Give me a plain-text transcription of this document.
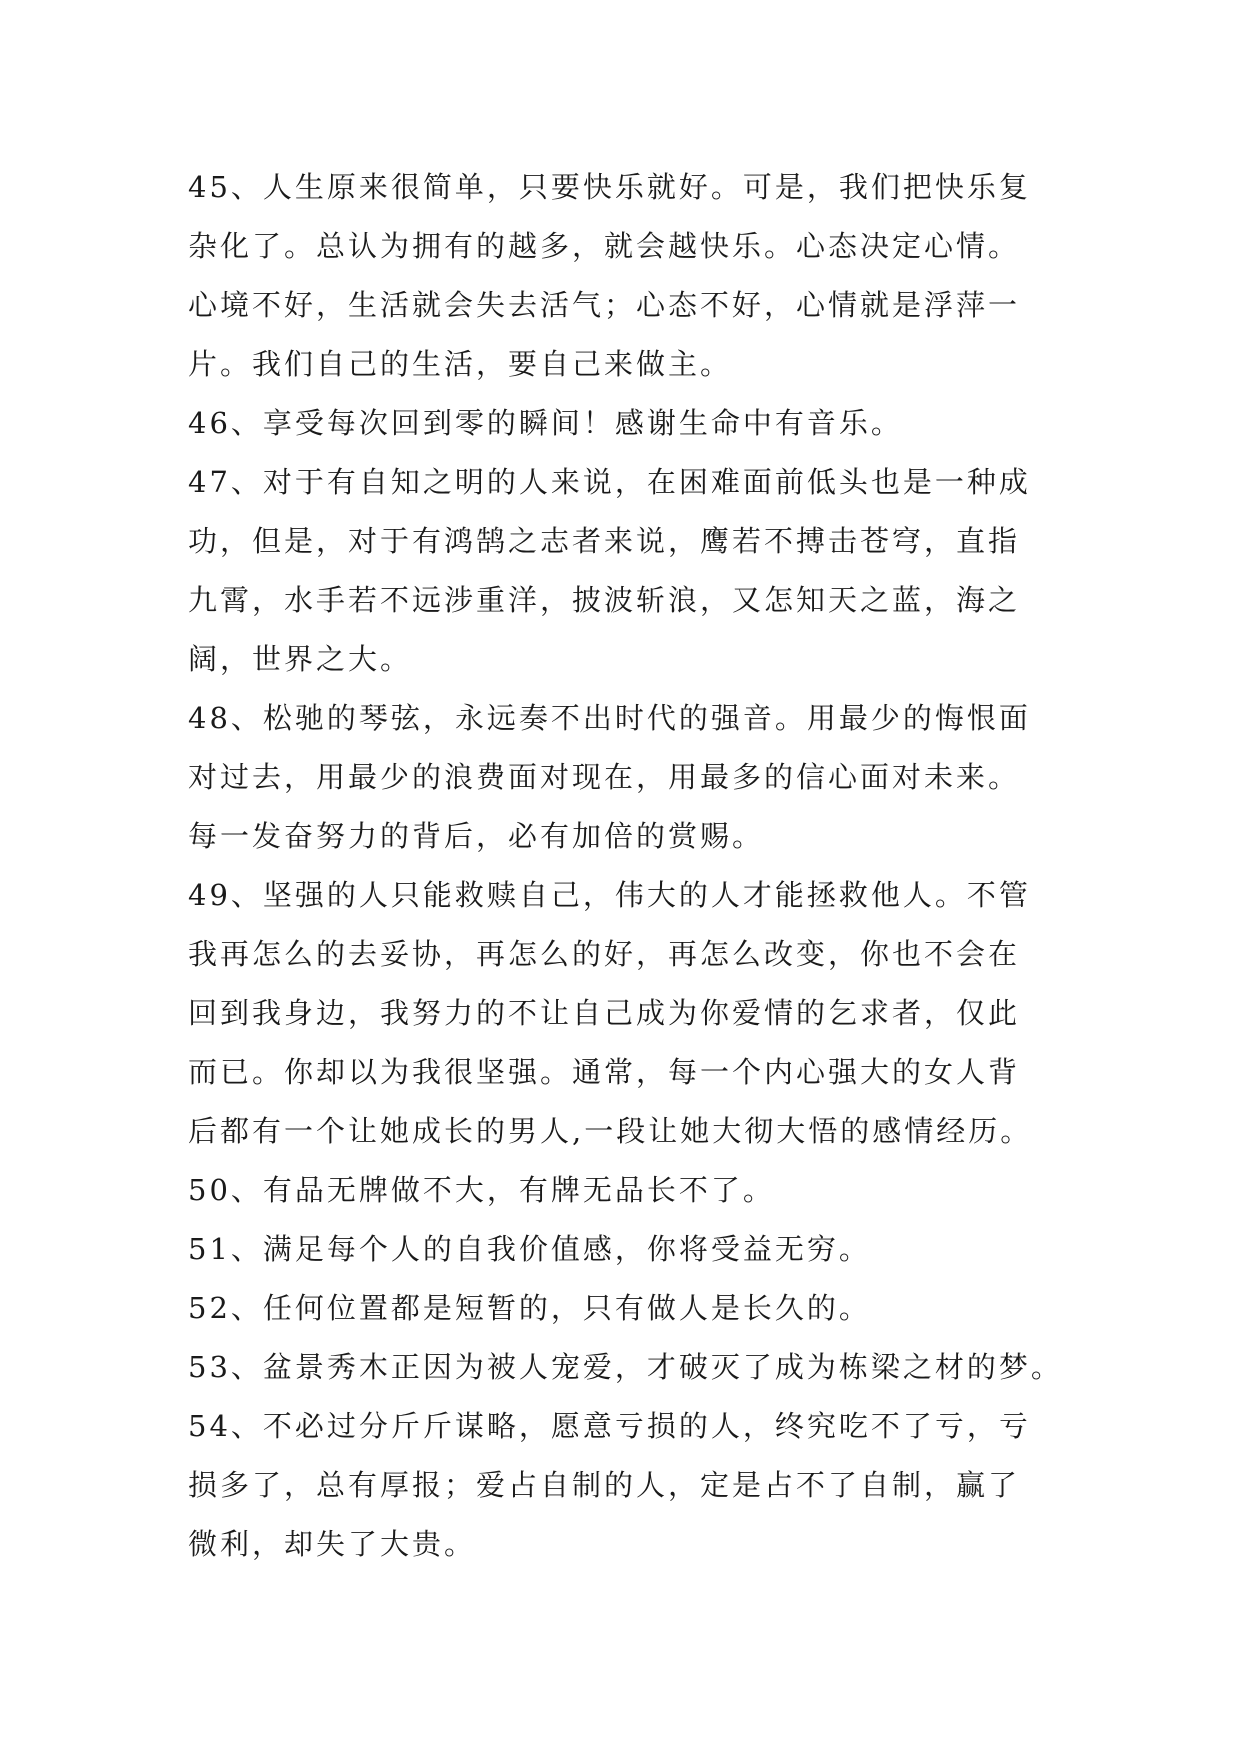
45、人生原来很简单，只要快乐就好。可是，我们把快乐复
杂化了。总认为拥有的越多，就会越快乐。心态决定心情。
心境不好，生活就会失去活气；心态不好，心情就是浮萍一
片。我们自己的生活，要自己来做主。
46、享受每次回到零的瞬间！感谢生命中有音乐。
47、对于有自知之明的人来说，在困难面前低头也是一种成
功，但是，对于有鸿鹄之志者来说，鹰若不搏击苍穹，直指
九霄，水手若不远涉重洋，披波斩浪，又怎知天之蓝，海之
阔，世界之大。
48、松驰的琴弦，永远奏不出时代的强音。用最少的悔恨面
对过去，用最少的浪费面对现在，用最多的信心面对未来。
每一发奋努力的背后，必有加倍的赏赐。
49、坚强的人只能救赎自己，伟大的人才能拯救他人。不管
我再怎么的去妥协，再怎么的好，再怎么改变，你也不会在
回到我身边，我努力的不让自己成为你爱情的乞求者，仅此
而已。你却以为我很坚强。通常，每一个内心强大的女人背
后都有一个让她成长的男人,一段让她大彻大悟的感情经历。
50、有品无牌做不大，有牌无品长不了。
51、满足每个人的自我价值感，你将受益无穷。
52、任何位置都是短暂的，只有做人是长久的。
53、盆景秀木正因为被人宠爱，才破灭了成为栋梁之材的梦。
54、不必过分斤斤谋略，愿意亏损的人，终究吃不了亏，亏
损多了，总有厚报；爱占自制的人，定是占不了自制，赢了
微利，却失了大贵。
